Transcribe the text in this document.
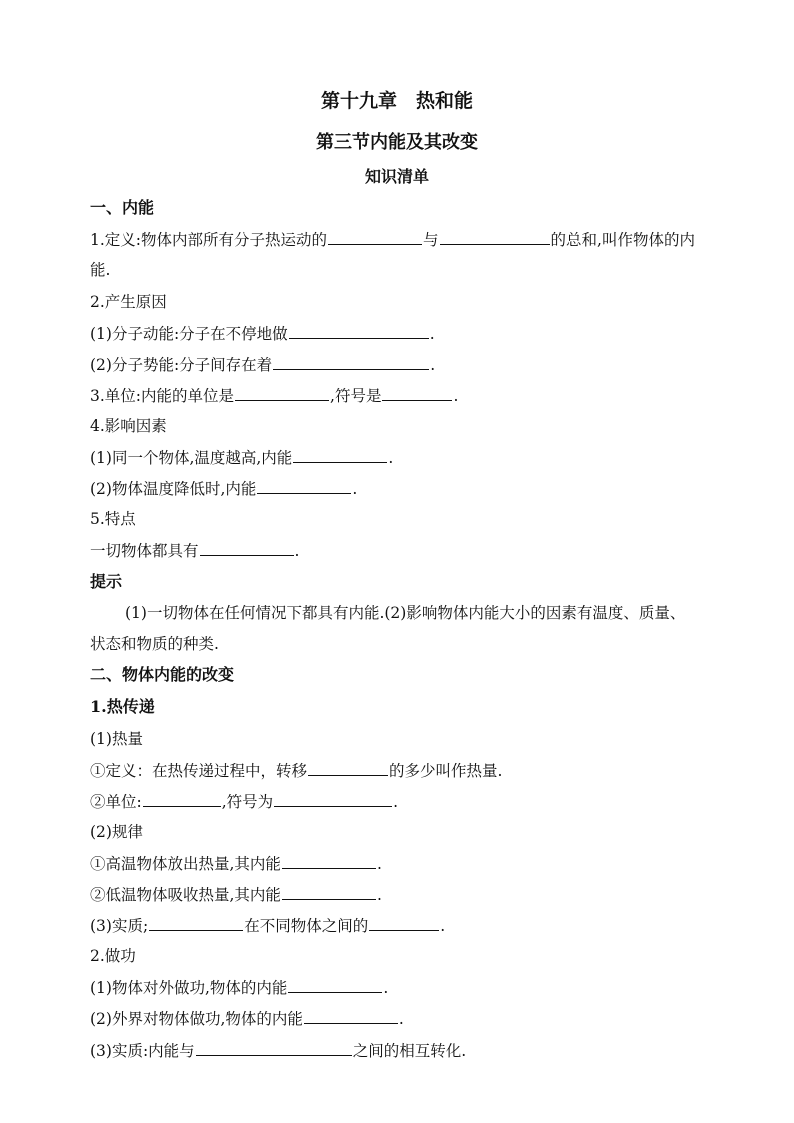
第十九章　热和能
第三节内能及其改变
知识清单
一、内能
1.定义:物体内部所有分子热运动的	与	的总和,叫作物体的内
能.
2.产生原因
(1)分子动能:分子在不停地做	.
(2)分子势能:分子间存在着	.
3.单位:内能的单位是	,符号是	.
4.影响因素
(1)同一个物体,温度越高,内能	.
(2)物体温度降低时,内能	.
5.特点
一切物体都具有	.
提示
(1)一切物体在任何情况下都具有内能.(2)影响物体内能大小的因素有温度、质量、
状态和物质的种类.
二、物体内能的改变
1.热传递
(1)热量
①定义：在热传递过程中，转移	的多少叫作热量.
②单位:	,符号为	.
(2)规律
①高温物体放出热量,其内能	.
②低温物体吸收热量,其内能	.
(3)实质;	在不同物体之间的	.
2.做功
(1)物体对外做功,物体的内能	.
(2)外界对物体做功,物体的内能	.
(3)实质:内能与	之间的相互转化.
